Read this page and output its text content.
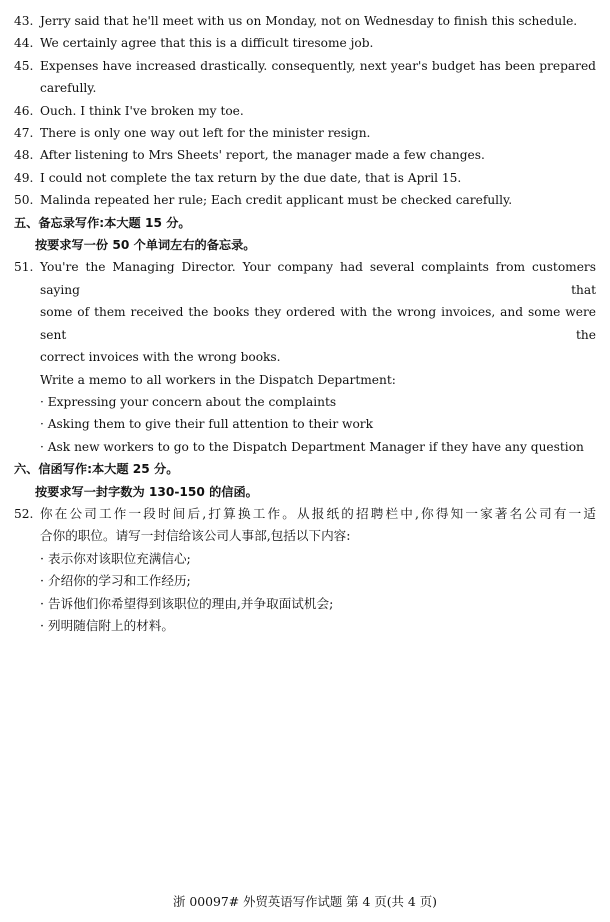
43. Jerry said that he'll meet with us on Monday, not on Wednesday to finish this schedule.
44. We certainly agree that this is a difficult tiresome job.
45. Expenses have increased drastically. consequently, next year's budget has been prepared
carefully.
46. Ouch. I think I've broken my toe.
47. There is only one way out left for the minister resign.
48. After listening to Mrs Sheets' report, the manager made a few changes.
49. I could not complete the tax return by the due date, that is April 15.
50. Malinda repeated her rule; Each credit applicant must be checked carefully.
五、备忘录写作:本大题 15 分。
按要求写一份 50 个单词左右的备忘录。
51. You're the Managing Director. Your company had several complaints from customers saying that
some of them received the books they ordered with the wrong invoices, and some were sent the
correct invoices with the wrong books.
Write a memo to all workers in the Dispatch Department:
· Expressing your concern about the complaints
· Asking them to give their full attention to their work
· Ask new workers to go to the Dispatch Department Manager if they have any question
六、信函写作:本大题 25 分。
按要求写一封字数为 130-150 的信函。
52. 你在公司工作一段时间后,打算换工作。从报纸的招聘栏中,你得知一家著名公司有一适
合你的职位。请写一封信给该公司人事部,包括以下内容:
· 表示你对该职位充满信心;
· 介绍你的学习和工作经历;
· 告诉他们你希望得到该职位的理由,并争取面试机会;
· 列明随信附上的材料。
浙 00097# 外贸英语写作试题 第 4 页(共 4 页)
